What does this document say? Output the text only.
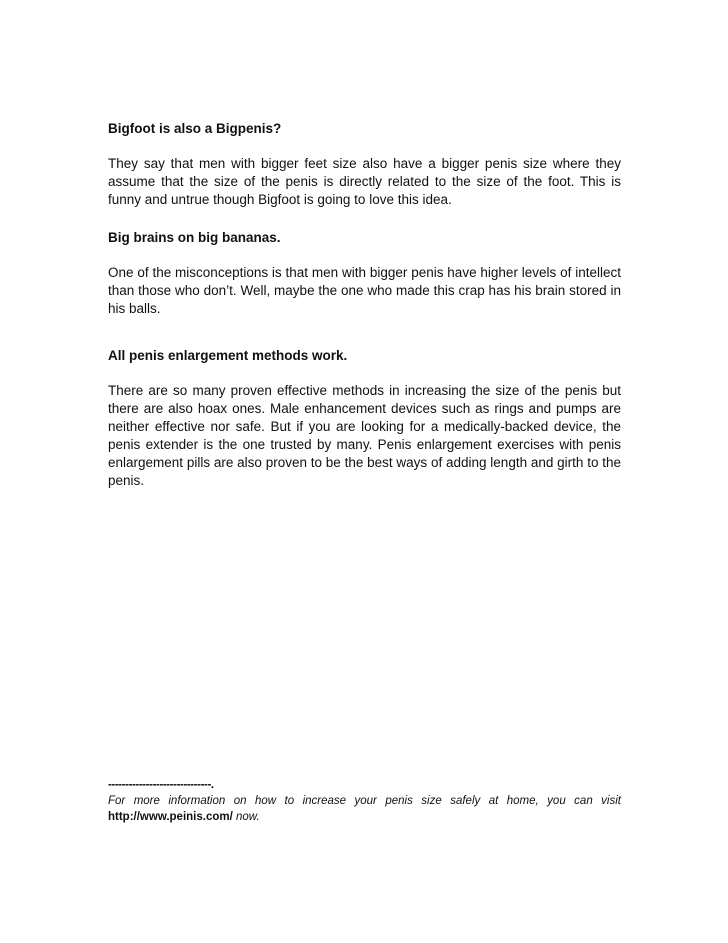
Bigfoot is also a Bigpenis?

They say that men with bigger feet size also have a bigger penis size where they assume that the size of the penis is directly related to the size of the foot. This is funny and untrue though Bigfoot is going to love this idea.

Big brains on big bananas.

One of the misconceptions is that men with bigger penis have higher levels of intellect than those who don’t. Well, maybe the one who made this crap has his brain stored in his balls.

All penis enlargement methods work.

There are so many proven effective methods in increasing the size of the penis but there are also hoax ones. Male enhancement devices such as rings and pumps are neither effective nor safe. But if you are looking for a medically-backed device, the penis extender is the one trusted by many. Penis enlargement exercises with penis enlargement pills are also proven to be the best ways of adding length and girth to the penis.

------------------------------.

For more information on how to increase your penis size safely at home, you can visit http://www.peinis.com/ now.
